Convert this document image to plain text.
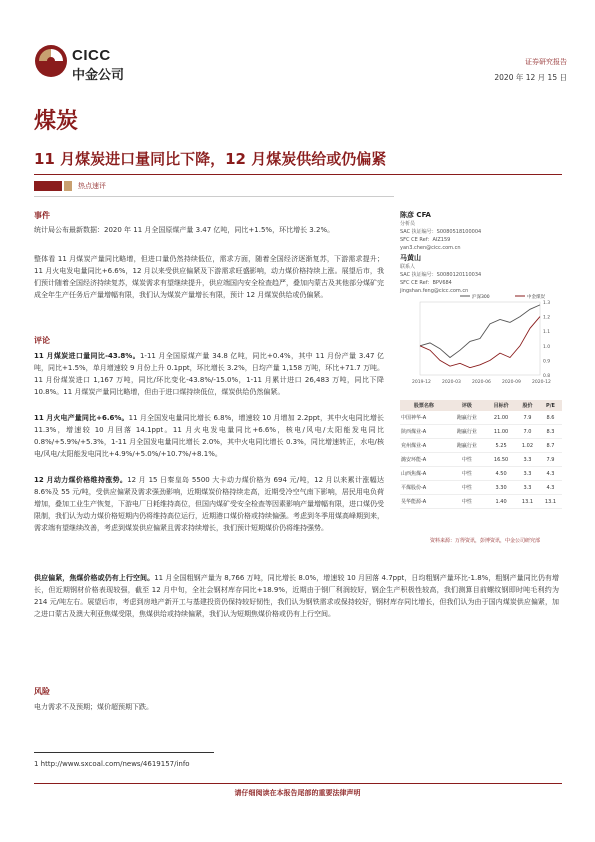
CICC
中金公司
证券研究报告
2020 年 12 月 15 日
煤炭
11 月煤炭进口量同比下降，12 月煤炭供给或仍偏紧
热点速评
事件
统计局公布最新数据：2020 年 11 月全国原煤产量 3.47 亿吨，同比+1.5%，环比增长 3.2%。
整体看 11 月煤炭产量同比略增，但进口量仍然持续低位，需求方面，随着全国经济逐渐复苏，下游需求提升；11 月火电发电量同比+6.6%，12 月以来受供应偏紧及下游需求旺盛影响，动力煤价格持续上涨。展望后市，我们预计随着全国经济持续复苏，煤炭需求有望继续提升，供应端国内安全检查趋严，叠加内蒙古及其他部分煤矿完成全年生产任务后产量增幅有限，我们认为煤炭产量增长有限，预计 12 月煤炭供给或仍偏紧。
评论
11 月煤炭进口量同比-43.8%。1-11 月全国原煤产量 34.8 亿吨，同比+0.4%，其中 11 月份产量 3.47 亿吨，同比+1.5%，单月增速较 9 月份上升 0.1ppt，环比增长 3.2%，日均产量 1,158 万吨，环比+71.7 万吨。11 月份煤炭进口 1,167 万吨，同比/环比变化-43.8%/-15.0%，1-11 月累计进口 26,483 万吨，同比下降 10.8%。11 月煤炭产量同比略增，但由于进口煤持续低位，煤炭供给仍然偏紧。
11 月火电产量同比+6.6%。11 月全国发电量同比增长 6.8%，增速较 10 月增加 2.2ppt，其中火电同比增长 11.3%，增速较 10 月回落 14.1ppt。11 月火电发电量同比+6.6%，核电/风电/太阳能发电同比 0.8%/+5.9%/+5.3%，1-11 月全国发电量同比增长 2.0%，其中火电同比增长 0.3%，同比增速转正，水电/核电/风电/太阳能发电同比+4.9%/+5.0%/+10.7%/+8.1%。
12 月动力煤价格维持涨势。12 月 15 日秦皇岛 5500 大卡动力煤价格为 694 元/吨，12 月以来累计涨幅达 8.6%及 55 元/吨，受供应偏紧及需求强劲影响，近期煤炭价格持续走高，近期受冷空气南下影响，居民用电负荷增加，叠加工业生产恢复，下游电厂日耗维持高位，但国内煤矿受安全检查等因素影响产量增幅有限，进口煤仍受限制，我们认为动力煤价格短期内仍将维持高位运行，近期港口煤价格或持续偏强。考虑到冬季用煤高峰期到来，需求端有望继续改善，考虑到煤炭供应偏紧且需求持续增长，我们预计短期煤价仍将维持强势。
供应偏紧，焦煤价格或仍有上行空间。11 月全国粗钢产量为 8,766 万吨，同比增长 8.0%，增速较 10 月回落 4.7ppt，日均粗钢产量环比-1.8%，粗钢产量同比仍有增长，但近期钢材价格表现较强，截至 12 月中旬，全社会钢材库存同比+18.9%，近期由于钢厂利润较好，钢企生产积极性较高，我们测算目前螺纹钢即时吨毛利约为 214 元/吨左右。展望后市，考虑到房地产新开工与基建投资仍保持较好韧性，我们认为钢铁需求或保持较好，钢材库存同比增长，但我们认为由于国内煤炭供应偏紧，加之进口蒙古及澳大利亚焦煤受限，焦煤供给或持续偏紧，我们认为短期焦煤价格或仍有上行空间。
风险
电力需求不及预期；煤价超预期下跌。
陈彦 CFA
分析员
SAC 执证编号：S0080518100004
SFC CE Ref：AIZ159
yan3.chen@cicc.com.cn
马黄山
联系人
SAC 执证编号：S0080120110034
SFC CE Ref：BPV684
jingshan.feng@cicc.com.cn
1.3
1.2
1.1
1.0
0.9
0.8
2019-12 2020-03 2020-06 2020-09 2020-12
沪深300	中金煤炭
股票名称	评级	目标价	股价	P/E
中国神华-A	跑赢行业	21.00	7.9	8.6
陕西煤业-A	跑赢行业	11.00	7.0	8.3
兖州煤业-A	跑赢行业	5.25	1.02	8.7
潞安环能-A	中性	16.50	3.3	7.9
山西焦煤-A	中性	4.50	3.3	4.3
平煤股份-A	中性	3.30	3.3	4.3
昊华能源-A	中性	1.40	13.1	13.1
资料来源：万得资讯，彭博资讯，中金公司研究部
1 http://www.sxcoal.com/news/4619157/info
请仔细阅读在本报告尾部的重要法律声明
